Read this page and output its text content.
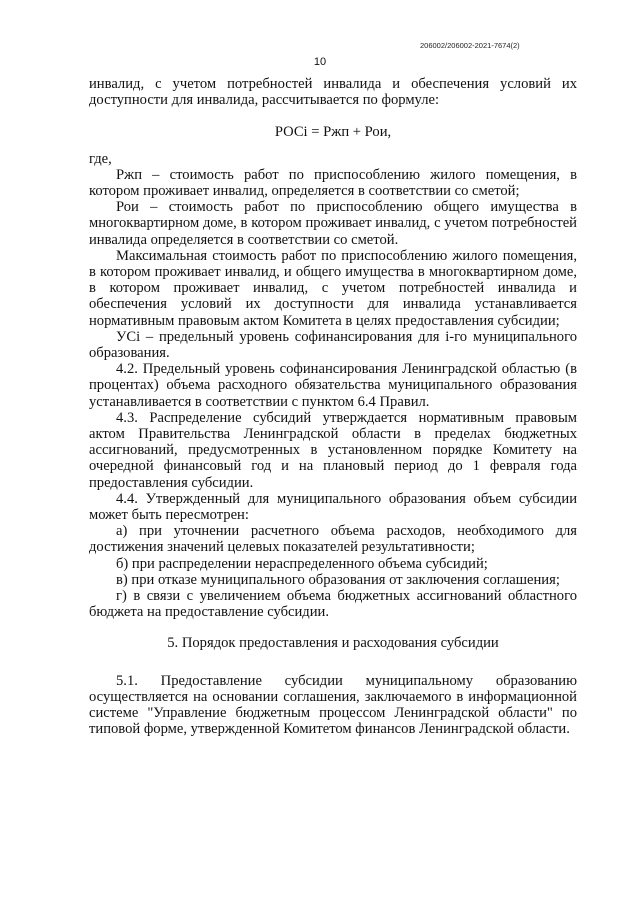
206002/206002-2021-7674(2)
10

инвалид, с учетом потребностей инвалида и обеспечения условий их доступности для инвалида, рассчитывается по формуле:

РОСi = Ржп + Рои,

где,

Ржп – стоимость работ по приспособлению жилого помещения, в котором проживает инвалид, определяется в соответствии со сметой;

Рои – стоимость работ по приспособлению общего имущества в многоквартирном доме, в котором проживает инвалид, с учетом потребностей инвалида определяется в соответствии со сметой.

Максимальная стоимость работ по приспособлению жилого помещения, в котором проживает инвалид, и общего имущества в многоквартирном доме, в котором проживает инвалид, с учетом потребностей инвалида и обеспечения условий их доступности для инвалида устанавливается нормативным правовым актом Комитета в целях предоставления субсидии;

УСi – предельный уровень софинансирования для i-го муниципального образования.

4.2. Предельный уровень софинансирования Ленинградской областью (в процентах) объема расходного обязательства муниципального образования устанавливается в соответствии с пунктом 6.4 Правил.

4.3. Распределение субсидий утверждается нормативным правовым актом Правительства Ленинградской области в пределах бюджетных ассигнований, предусмотренных в установленном порядке Комитету на очередной финансовый год и на плановый период до 1 февраля года предоставления субсидии.

4.4. Утвержденный для муниципального образования объем субсидии может быть пересмотрен:

а) при уточнении расчетного объема расходов, необходимого для достижения значений целевых показателей результативности;

б) при распределении нераспределенного объема субсидий;

в) при отказе муниципального образования от заключения соглашения;

г) в связи с увеличением объема бюджетных ассигнований областного бюджета на предоставление субсидии.

5. Порядок предоставления и расходования субсидии

5.1. Предоставление субсидии муниципальному образованию осуществляется на основании соглашения, заключаемого в информационной системе "Управление бюджетным процессом Ленинградской области" по типовой форме, утвержденной Комитетом финансов Ленинградской области.
